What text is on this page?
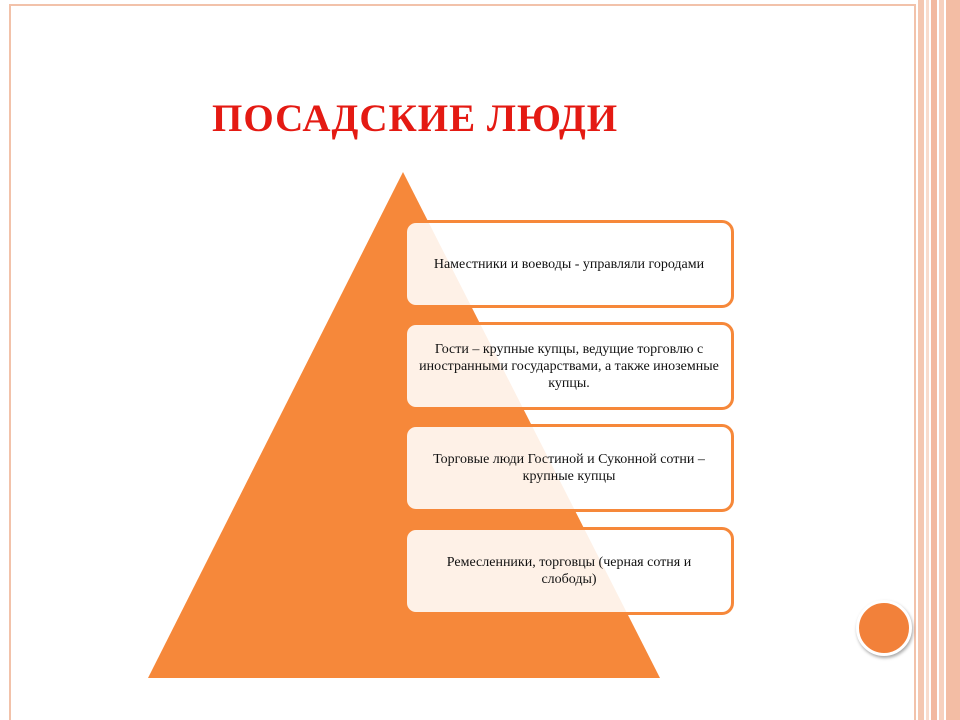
ПОСАДСКИЕ ЛЮДИ
Наместники и воеводы - управляли городами
Гости – крупные купцы, ведущие торговлю с иностранными государствами, а также иноземные купцы.
Торговые люди Гостиной и Суконной сотни – крупные купцы
Ремесленники, торговцы (черная сотня и слободы)
